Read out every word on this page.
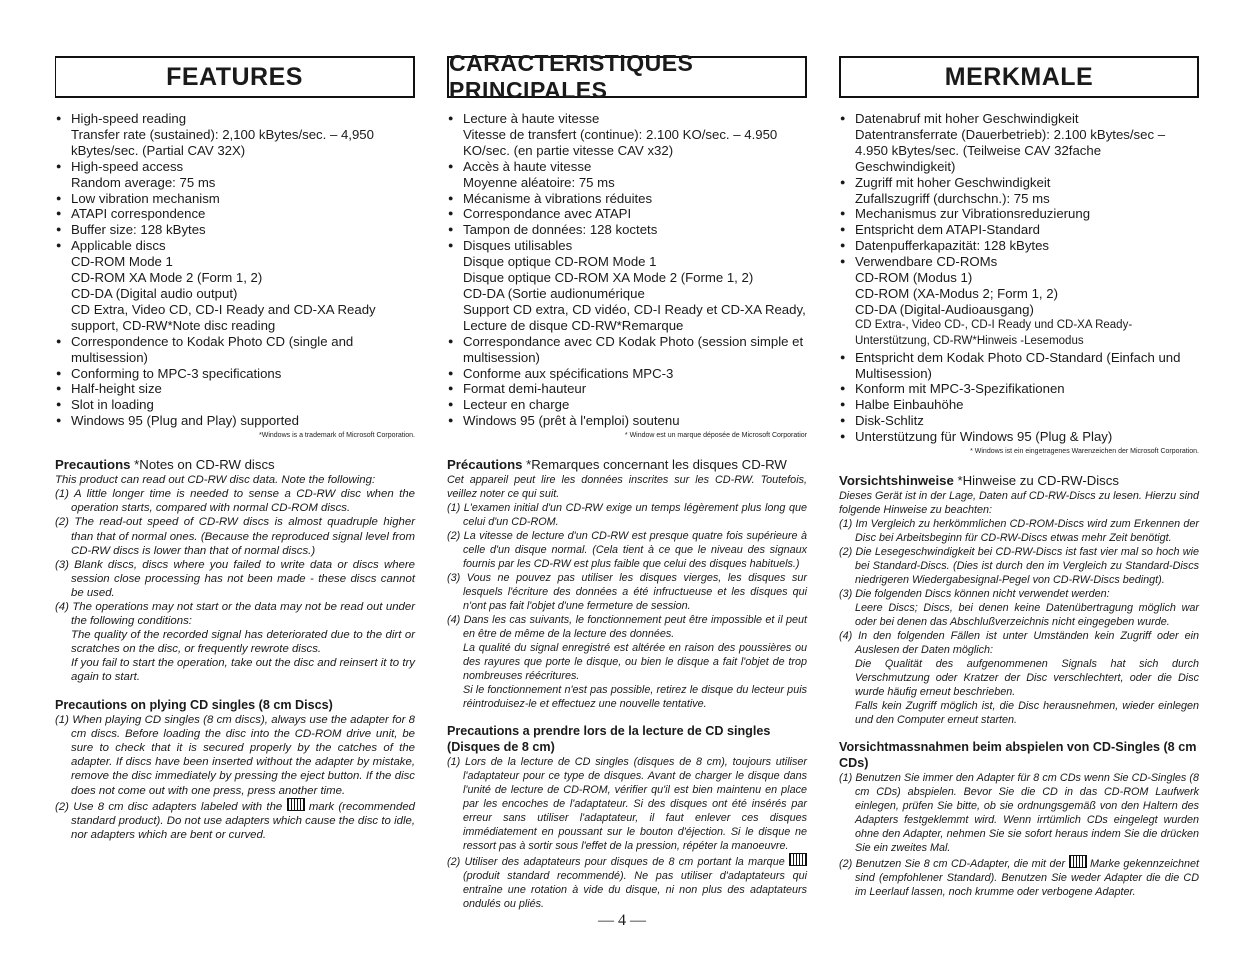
FEATURES
● High-speed reading
Transfer rate (sustained): 2,100 kBytes/sec. – 4,950 kBytes/sec. (Partial CAV 32X)
● High-speed access
Random average: 75 ms
● Low vibration mechanism
● ATAPI correspondence
● Buffer size: 128 kBytes
● Applicable discs
CD-ROM Mode 1
CD-ROM XA Mode 2 (Form 1, 2)
CD-DA (Digital audio output)
CD Extra, Video CD, CD-I Ready and CD-XA Ready support, CD-RW*Note disc reading
● Correspondence to Kodak Photo CD (single and multisession)
● Conforming to MPC-3 specifications
● Half-height size
● Slot in loading
● Windows 95 (Plug and Play) supported
*Windows is a trademark of Microsoft Corporation.
Precautions *Notes on CD-RW discs
This product can read out CD-RW disc data. Note the following:
(1) A little longer time is needed to sense a CD-RW disc when the operation starts, compared with normal CD-ROM discs.
(2) The read-out speed of CD-RW discs is almost quadruple higher than that of normal ones. (Because the reproduced signal level from CD-RW discs is lower than that of normal discs.)
(3) Blank discs, discs where you failed to write data or discs where session close processing has not been made - these discs cannot be used.
(4) The operations may not start or the data may not be read out under the following conditions:
The quality of the recorded signal has deteriorated due to the dirt or scratches on the disc, or frequently rewrote discs.
If you fail to start the operation, take out the disc and reinsert it to try again to start.
Precautions on plying CD singles (8 cm Discs)
(1) When playing CD singles (8 cm discs), always use the adapter for 8 cm discs. Before loading the disc into the CD-ROM drive unit, be sure to check that it is secured properly by the catches of the adapter. If discs have been inserted without the adapter by mistake, remove the disc immediately by pressing the eject button. If the disc does not come out with one press, press another time.
(2) Use 8 cm disc adapters labeled with the mark (recommended standard product). Do not use adapters which cause the disc to idle, nor adapters which are bent or curved.
CARACTERISTIQUES PRINCIPALES
● Lecture à haute vitesse
Vitesse de transfert (continue): 2.100 KO/sec. – 4.950 KO/sec. (en partie vitesse CAV x32)
● Accès à haute vitesse
Moyenne aléatoire: 75 ms
● Mécanisme à vibrations réduites
● Correspondance avec ATAPI
● Tampon de données: 128 koctets
● Disques utilisables
Disque optique CD-ROM Mode 1
Disque optique CD-ROM XA Mode 2 (Forme 1, 2)
CD-DA (Sortie audionumérique
Support CD extra, CD vidéo, CD-I Ready et CD-XA Ready, Lecture de disque CD-RW*Remarque
● Correspondance avec CD Kodak Photo (session simple et multisession)
● Conforme aux spécifications MPC-3
● Format demi-hauteur
● Lecteur en charge
● Windows 95 (prêt à l'emploi) soutenu
* Window est un marque déposée de Microsoft Corporatior
Précautions *Remarques concernant les disques CD-RW
Cet appareil peut lire les données inscrites sur les CD-RW. Toutefois, veillez noter ce qui suit.
(1) L'examen initial d'un CD-RW exige un temps légèrement plus long que celui d'un CD-ROM.
(2) La vitesse de lecture d'un CD-RW est presque quatre fois supérieure à celle d'un disque normal. (Cela tient à ce que le niveau des signaux fournis par les CD-RW est plus faible que celui des disques habituels.)
(3) Vous ne pouvez pas utiliser les disques vierges, les disques sur lesquels l'écriture des données a été infructueuse et les disques qui n'ont pas fait l'objet d'une fermeture de session.
(4) Dans les cas suivants, le fonctionnement peut être impossible et il peut en être de même de la lecture des données.
La qualité du signal enregistré est altérée en raison des poussières ou des rayures que porte le disque, ou bien le disque a fait l'objet de trop nombreuses réécritures.
Si le fonctionnement n'est pas possible, retirez le disque du lecteur puis réintroduisez-le et effectuez une nouvelle tentative.
Precautions a prendre lors de la lecture de CD singles (Disques de 8 cm)
(1) Lors de la lecture de CD singles (disques de 8 cm), toujours utiliser l'adaptateur pour ce type de disques. Avant de charger le disque dans l'unité de lecture de CD-ROM, vérifier qu'il est bien maintenu en place par les encoches de l'adaptateur. Si des disques ont été insérés par erreur sans utiliser l'adaptateur, il faut enlever ces disques immédiatement en poussant sur le bouton d'éjection. Si le disque ne ressort pas à sortir sous l'effet de la pression, répéter la manoeuvre.
(2) Utiliser des adaptateurs pour disques de 8 cm portant la marque  (produit standard recommendé). Ne pas utiliser d'adaptateurs qui entraîne une rotation à vide du disque, ni non plus des adaptateurs ondulés ou pliés.
MERKMALE
● Datenabruf mit hoher Geschwindigkeit
Datentransferrate (Dauerbetrieb): 2.100 kBytes/sec – 4.950 kBytes/sec. (Teilweise CAV 32fache Geschwindigkeit)
● Zugriff mit hoher Geschwindigkeit
Zufallszugriff (durchschn.): 75 ms
● Mechanismus zur Vibrationsreduzierung
● Entspricht dem ATAPI-Standard
● Datenpufferkapazität: 128 kBytes
● Verwendbare CD-ROMs
CD-ROM (Modus 1)
CD-ROM (XA-Modus 2; Form 1, 2)
CD-DA (Digital-Audioausgang)
CD Extra-, Video CD-, CD-I Ready und CD-XA Ready-Unterstützung, CD-RW*Hinweis -Lesemodus
● Entspricht dem Kodak Photo CD-Standard (Einfach und Multisession)
● Konform mit MPC-3-Spezifikationen
● Halbe Einbauhöhe
● Disk-Schlitz
● Unterstützung für Windows 95 (Plug & Play)
* Windows ist ein eingetragenes Warenzeichen der Microsoft Corporation.
Vorsichtshinweise *Hinweise zu CD-RW-Discs
Dieses Gerät ist in der Lage, Daten auf CD-RW-Discs zu lesen. Hierzu sind folgende Hinweise zu beachten:
(1) Im Vergleich zu herkömmlichen CD-ROM-Discs wird zum Erkennen der Disc bei Arbeitsbeginn für CD-RW-Discs etwas mehr Zeit benötigt.
(2) Die Lesegeschwindigkeit bei CD-RW-Discs ist fast vier mal so hoch wie bei Standard-Discs. (Dies ist durch den im Vergleich zu Standard-Discs niedrigeren Wiedergabesignal-Pegel von CD-RW-Discs bedingt).
(3) Die folgenden Discs können nicht verwendet werden:
Leere Discs; Discs, bei denen keine Datenübertragung möglich war oder bei denen das Abschlußverzeichnis nicht eingegeben wurde.
(4) In den folgenden Fällen ist unter Umständen kein Zugriff oder ein Auslesen der Daten möglich:
Die Qualität des aufgenommenen Signals hat sich durch Verschmutzung oder Kratzer der Disc verschlechtert, oder die Disc wurde häufig erneut beschrieben.
Falls kein Zugriff möglich ist, die Disc herausnehmen, wieder einlegen und den Computer erneut starten.
Vorsichtmassnahmen beim abspielen von CD-Singles (8 cm CDs)
(1) Benutzen Sie immer den Adapter für 8 cm CDs wenn Sie CD-Singles (8 cm CDs) abspielen. Bevor Sie die CD in das CD-ROM Laufwerk einlegen, prüfen Sie bitte, ob sie ordnungsgemäß von den Haltern des Adapters festgeklemmt wird. Wenn irrtümlich CDs eingelegt wurden ohne den Adapter, nehmen Sie sie sofort heraus indem Sie die drücken Sie ein zweites Mal.
(2) Benutzen Sie 8 cm CD-Adapter, die mit der Marke gekennzeichnet sind (empfohlener Standard). Benutzen Sie weder Adapter die die CD im Leerlauf lassen, noch krumme oder verbogene Adapter.
— 4 —
